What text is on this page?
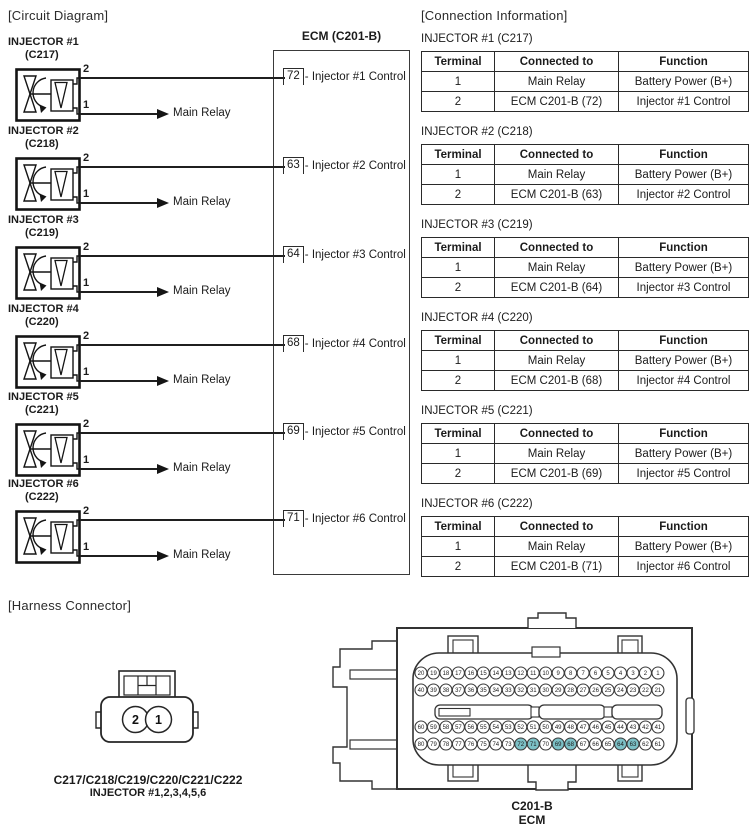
[Circuit Diagram]	[Connection Information]
ECM (C201-B)
INJECTOR #1
(C217)
2
1
Main Relay
72 - Injector #1 Control
INJECTOR #2
(C218)
2
1
Main Relay
63 - Injector #2 Control
INJECTOR #3
(C219)
2
1
Main Relay
64 - Injector #3 Control
INJECTOR #4
(C220)
2
1
Main Relay
68 - Injector #4 Control
INJECTOR #5
(C221)
2
1
Main Relay
69 - Injector #5 Control
INJECTOR #6
(C222)
2
1
Main Relay
71 - Injector #6 Control
INJECTOR #1 (C217)
Terminal	Connected to	Function
1	Main Relay	Battery Power (B+)
2	ECM C201-B (72)	Injector #1 Control
INJECTOR #2 (C218)
Terminal	Connected to	Function
1	Main Relay	Battery Power (B+)
2	ECM C201-B (63)	Injector #2 Control
INJECTOR #3 (C219)
Terminal	Connected to	Function
1	Main Relay	Battery Power (B+)
2	ECM C201-B (64)	Injector #3 Control
INJECTOR #4 (C220)
Terminal	Connected to	Function
1	Main Relay	Battery Power (B+)
2	ECM C201-B (68)	Injector #4 Control
INJECTOR #5 (C221)
Terminal	Connected to	Function
1	Main Relay	Battery Power (B+)
2	ECM C201-B (69)	Injector #5 Control
INJECTOR #6 (C222)
Terminal	Connected to	Function
1	Main Relay	Battery Power (B+)
2	ECM C201-B (71)	Injector #6 Control
[Harness Connector]
2 1
C217/C218/C219/C220/C221/C222
INJECTOR #1,2,3,4,5,6
20 19 18 17 16 15 14 13 12 11 10 9 8 7 6 5 4 3 2 1
40 39 38 37 36 35 34 33 32 31 30 29 28 27 26 25 24 23 22 21
60 59 58 57 56 55 54 53 52 51 50 49 48 47 46 45 44 43 42 41
80 79 78 77 76 75 74 73 72 71 70 69 68 67 66 65 64 63 62 61
C201-B
ECM
